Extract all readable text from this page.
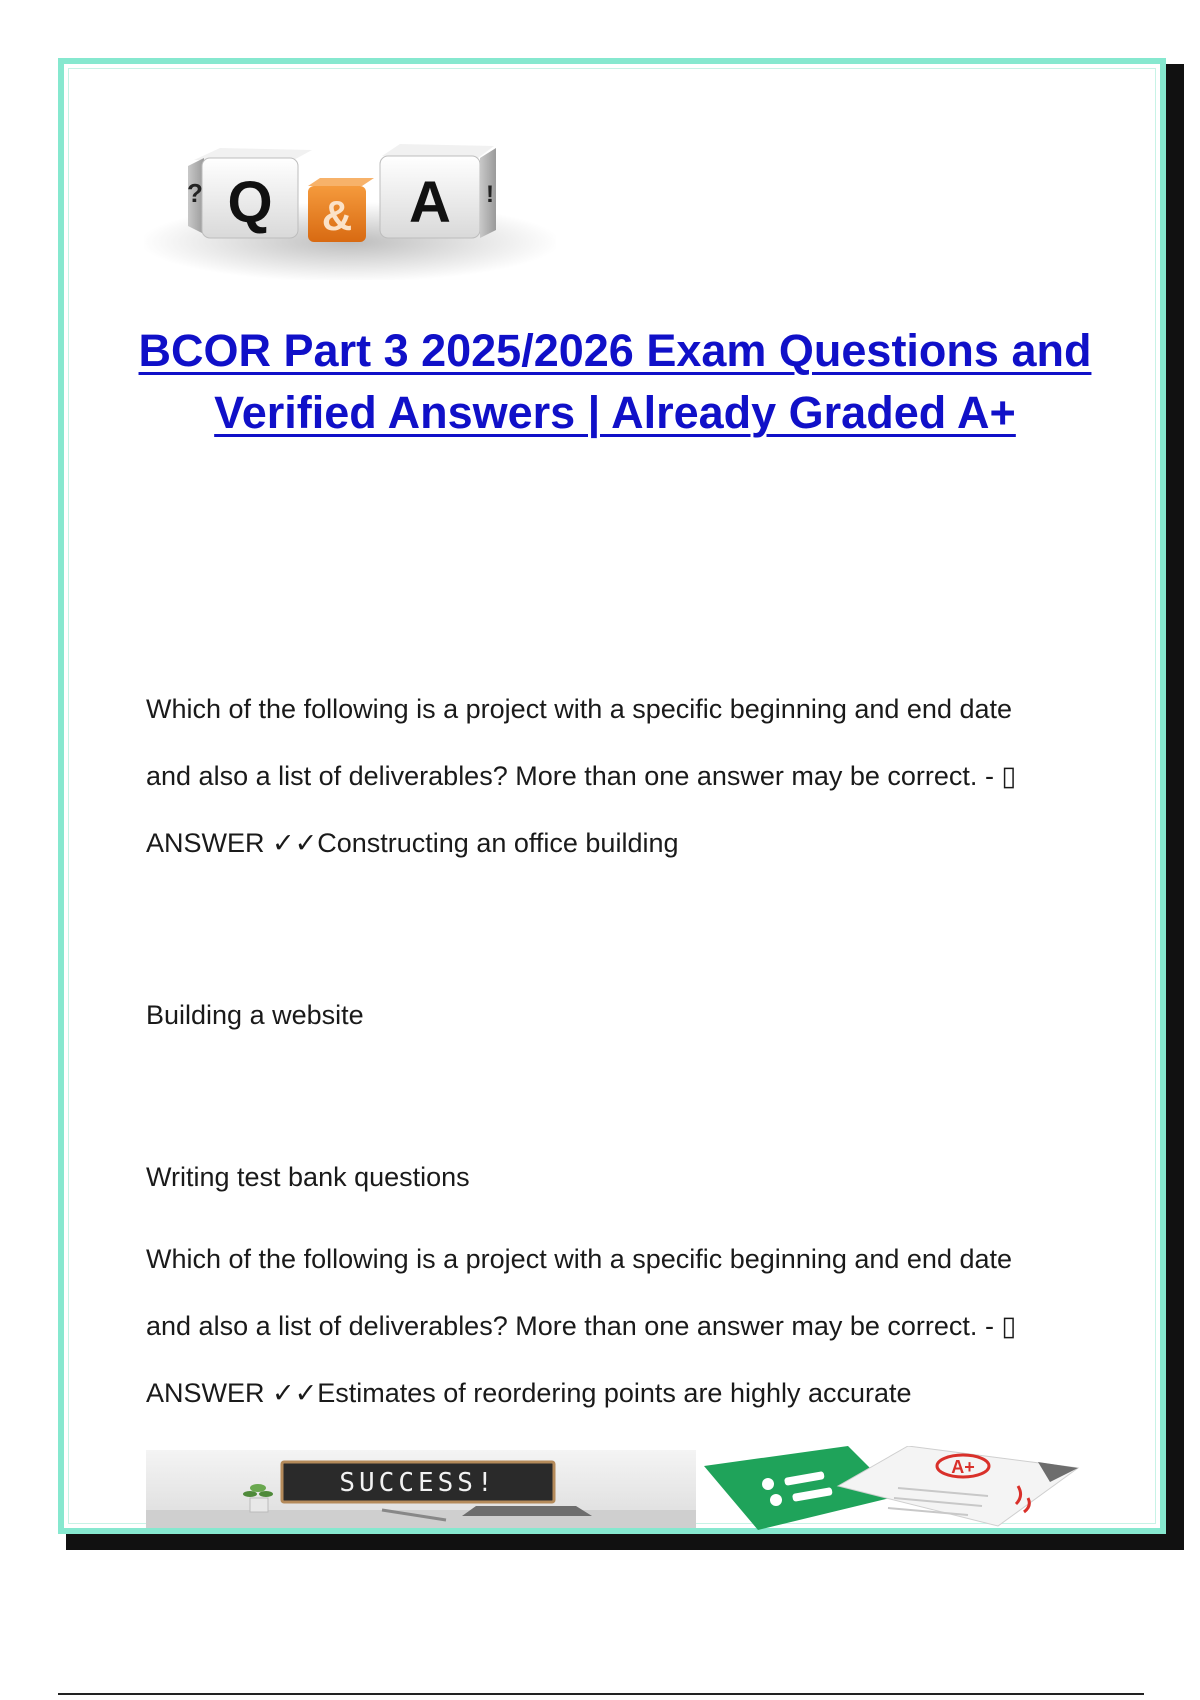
Q
?	& A !
BCOR Part 3 2025/2026 Exam Questions and Verified Answers | Already Graded A+
Which of the following is a project with a specific beginning and end date
and also a list of deliverables? More than one answer may be correct. - ▯
ANSWER ✓✓Constructing an office building
Building a website
Writing test bank questions
Which of the following is a project with a specific beginning and end date
and also a list of deliverables? More than one answer may be correct. - ▯
ANSWER ✓✓Estimates of reordering points are highly accurate
SUCCESS!
A+
